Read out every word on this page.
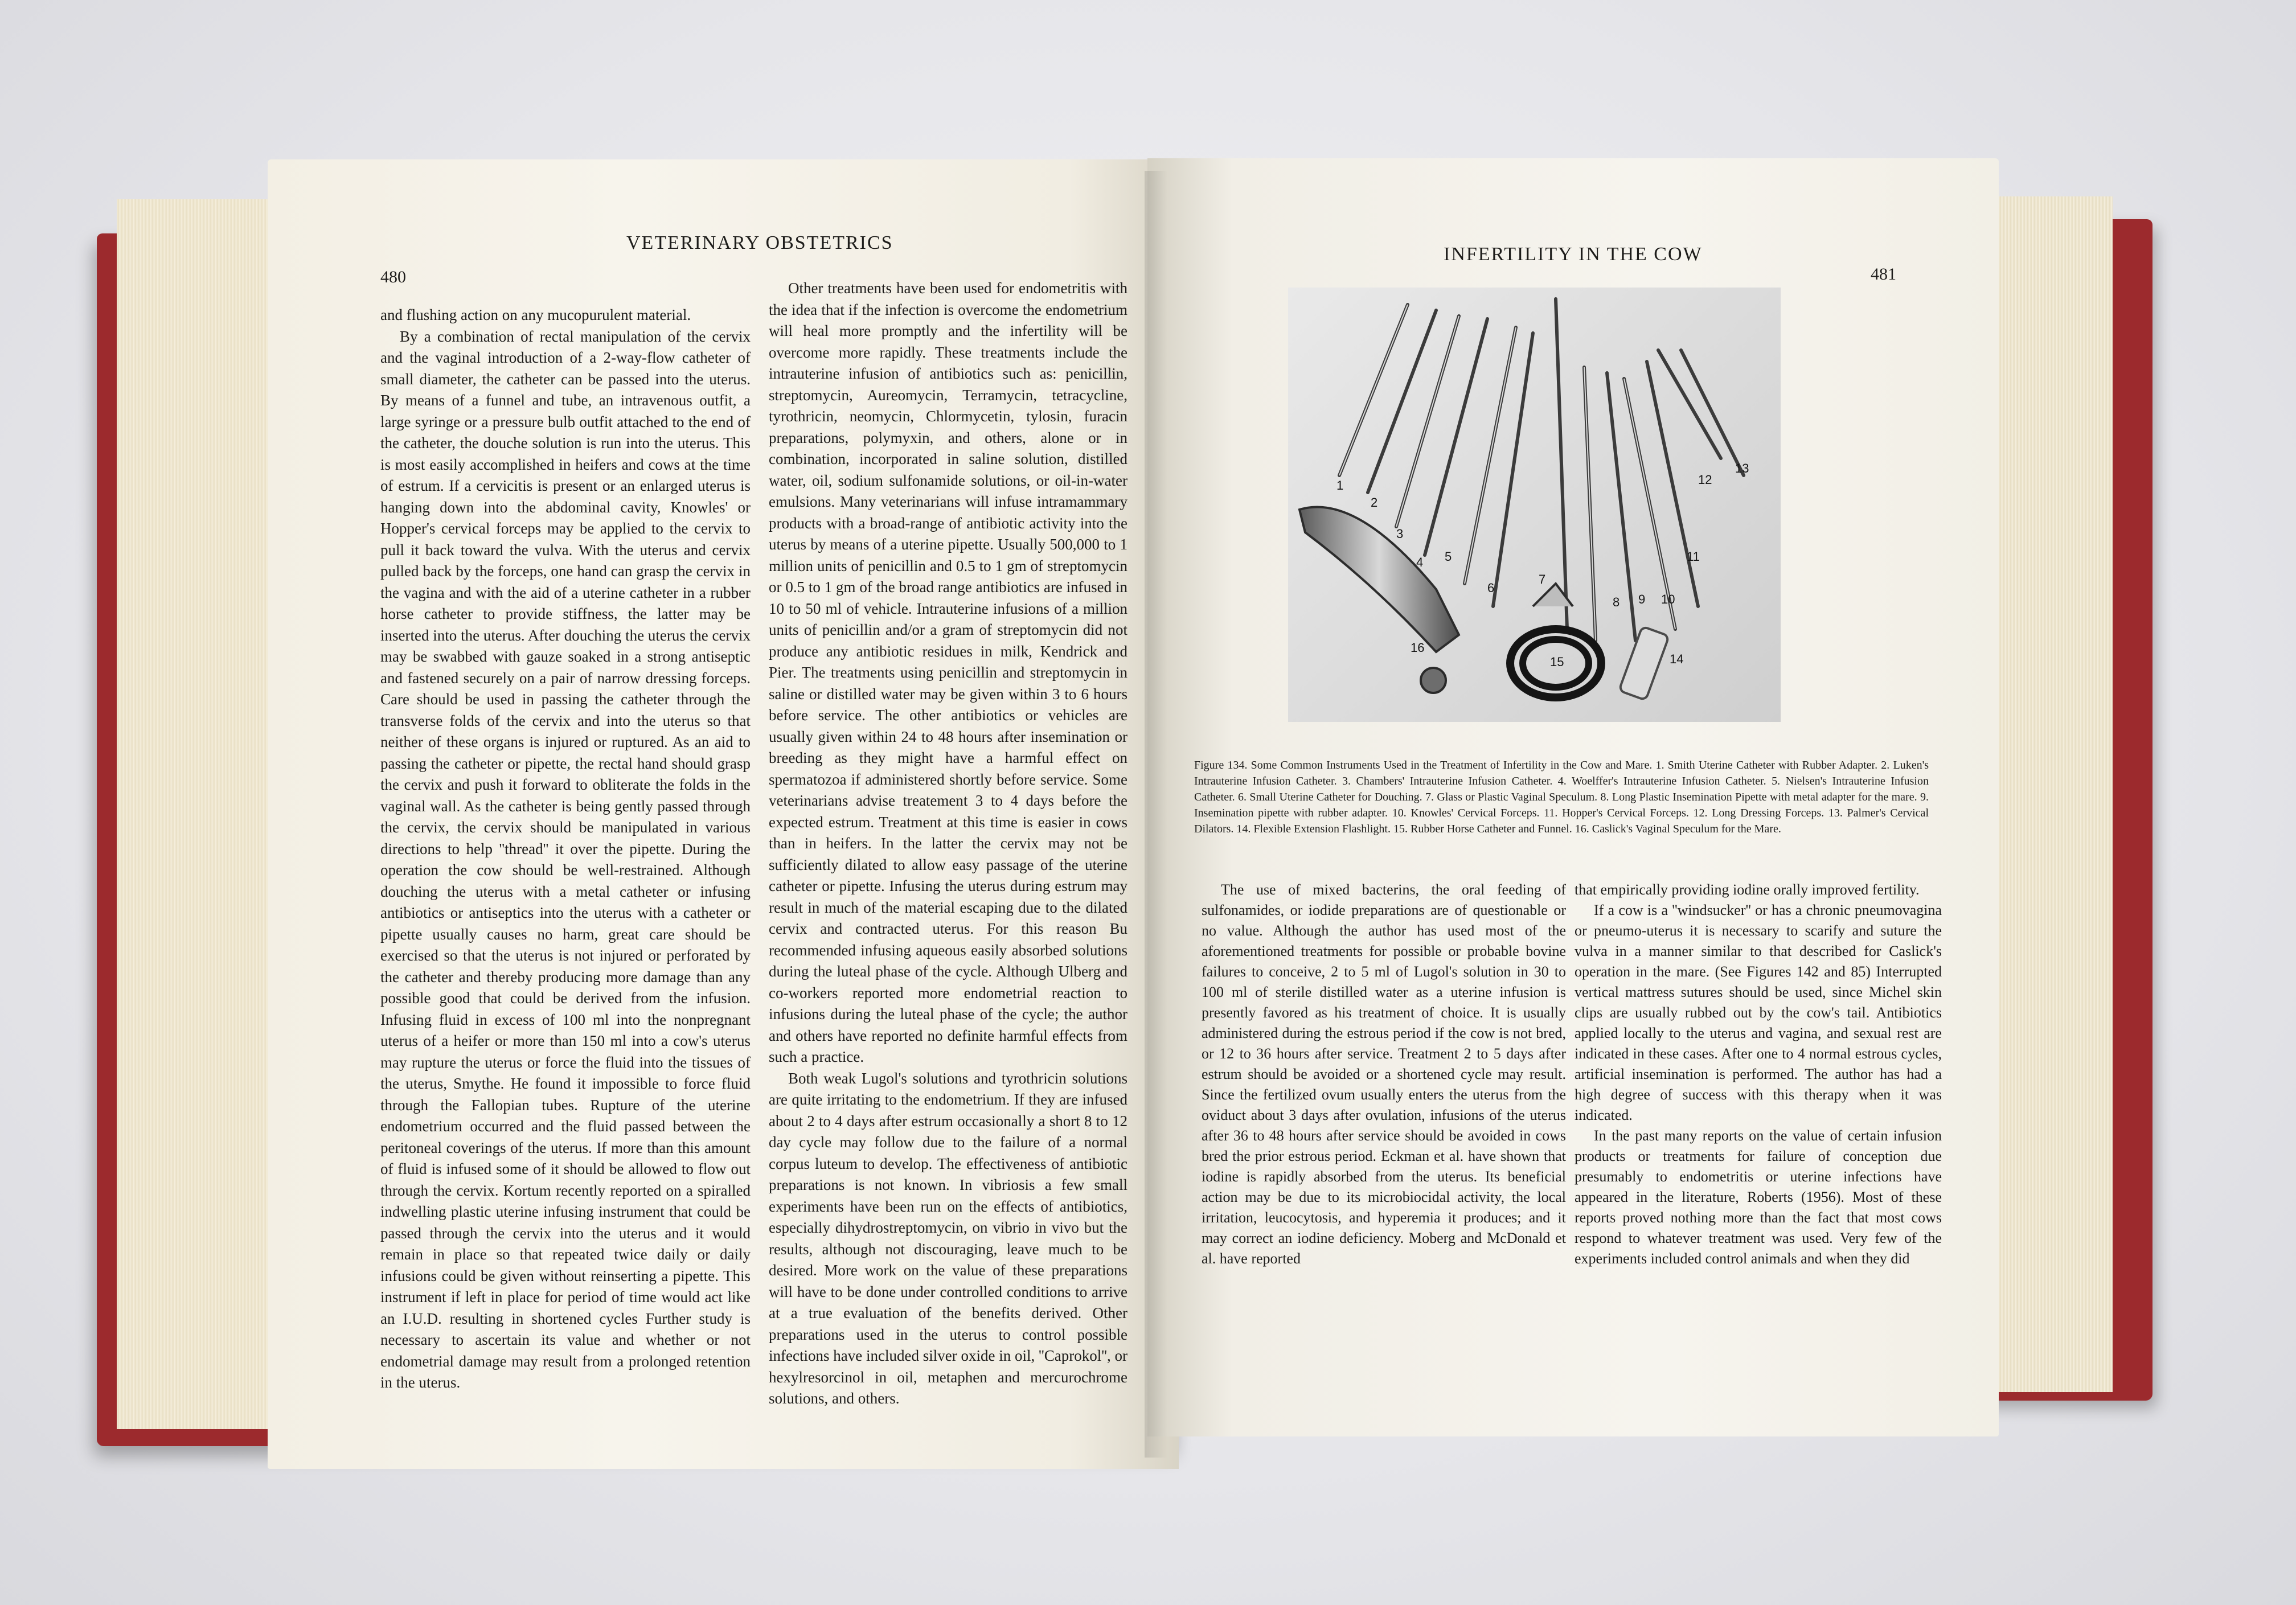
VETERINARY OBSTETRICS
480

and flushing action on any mucopurulent material.

By a combination of rectal manipulation of the cervix and the vaginal introduction of a 2-way-flow catheter of small diameter, the catheter can be passed into the uterus. By means of a funnel and tube, an intravenous outfit, a large syringe or a pressure bulb outfit attached to the end of the catheter, the douche solution is run into the uterus. This is most easily accomplished in heifers and cows at the time of estrum. If a cervicitis is present or an enlarged uterus is hanging down into the abdominal cavity, Knowles' or Hopper's cervical forceps may be applied to the cervix to pull it back toward the vulva. With the uterus and cervix pulled back by the forceps, one hand can grasp the cervix in the vagina and with the aid of a uterine catheter in a rubber horse catheter to provide stiffness, the latter may be inserted into the uterus. After douching the uterus the cervix may be swabbed with gauze soaked in a strong antiseptic and fastened securely on a pair of narrow dressing forceps. Care should be used in passing the catheter through the transverse folds of the cervix and into the uterus so that neither of these organs is injured or ruptured. As an aid to passing the catheter or pipette, the rectal hand should grasp the cervix and push it forward to obliterate the folds in the vaginal wall. As the catheter is being gently passed through the cervix, the cervix should be manipulated in various directions to help ''thread'' it over the pipette. During the operation the cow should be well-restrained. Although douching the uterus with a metal catheter or infusing antibiotics or antiseptics into the uterus with a catheter or pipette usually causes no harm, great care should be exercised so that the uterus is not injured or perforated by the catheter and thereby producing more damage than any possible good that could be derived from the infusion. Infusing fluid in excess of 100 ml into the nonpregnant uterus of a heifer or more than 150 ml into a cow's uterus may rupture the uterus or force the fluid into the tissues of the uterus, Smythe. He found it impossible to force fluid through the Fallopian tubes. Rupture of the uterine endometrium occurred and the fluid passed between the peritoneal coverings of the uterus. If more than this amount of fluid is infused some of it should be allowed to flow out through the cervix. Kortum recently reported on a spiralled indwelling plastic uterine infusing instrument that could be passed through the cervix into the uterus and it would remain in place so that repeated twice daily or daily infusions could be given without reinserting a pipette. This instrument if left in place for period of time would act like an I.U.D. resulting in shortened cycles Further study is necessary to ascertain its value and whether or not endometrial damage may result from a prolonged retention in the uterus.

Other treatments have been used for endometritis with the idea that if the infection is overcome the endometrium will heal more promptly and the infertility will be overcome more rapidly. These treatments include the intrauterine infusion of antibiotics such as: penicillin, streptomycin, Aureomycin, Terramycin, tetracycline, tyrothricin, neomycin, Chlormycetin, tylosin, furacin preparations, polymyxin, and others, alone or in combination, incorporated in saline solution, distilled water, oil, sodium sulfonamide solutions, or oil-in-water emulsions. Many veterinarians will infuse intramammary products with a broad-range of antibiotic activity into the uterus by means of a uterine pipette. Usually 500,000 to 1 million units of penicillin and 0.5 to 1 gm of streptomycin or 0.5 to 1 gm of the broad range antibiotics are infused in 10 to 50 ml of vehicle. Intrauterine infusions of a million units of penicillin and/or a gram of streptomycin did not produce any antibiotic residues in milk, Kendrick and Pier. The treatments using penicillin and streptomycin in saline or distilled water may be given within 3 to 6 hours before service. The other antibiotics or vehicles are usually given within 24 to 48 hours after insemination or breeding as they might have a harmful effect on spermatozoa if administered shortly before service. Some veterinarians advise treatement 3 to 4 days before the expected estrum. Treatment at this time is easier in cows than in heifers. In the latter the cervix may not be sufficiently dilated to allow easy passage of the uterine catheter or pipette. Infusing the uterus during estrum may result in much of the material escaping due to the dilated cervix and contracted uterus. For this reason Bu recommended infusing aqueous easily absorbed solutions during the luteal phase of the cycle. Although Ulberg and co-workers reported more endometrial reaction to infusions during the luteal phase of the cycle; the author and others have reported no definite harmful effects from such a practice.

Both weak Lugol's solutions and tyrothricin solutions are quite irritating to the endometrium. If they are infused about 2 to 4 days after estrum occasionally a short 8 to 12 day cycle may follow due to the failure of a normal corpus luteum to develop. The effectiveness of antibiotic preparations is not known. In vibriosis a few small experiments have been run on the effects of antibiotics, especially dihydrostreptomycin, on vibrio in vivo but the results, although not discouraging, leave much to be desired. More work on the value of these preparations will have to be done under controlled conditions to arrive at a true evaluation of the benefits derived. Other preparations used in the uterus to control possible infections have included silver oxide in oil, ''Caprokol'', or hexylresorcinol in oil, metaphen and mercurochrome solutions, and others.

INFERTILITY IN THE COW
481
1
2
3
4 5
6
7
8 9 10
11
12
13
14
15
16
Figure 134. Some Common Instruments Used in the Treatment of Infertility in the Cow and Mare. 1. Smith Uterine Catheter with Rubber Adapter. 2. Luken's Intrauterine Infusion Catheter. 3. Chambers' Intrauterine Infusion Catheter. 4. Woelffer's Intrauterine Infusion Catheter. 5. Nielsen's Intrauterine Infusion Catheter. 6. Small Uterine Catheter for Douching. 7. Glass or Plastic Vaginal Speculum. 8. Long Plastic Insemination Pipette with metal adapter for the mare. 9. Insemination pipette with rubber adapter. 10. Knowles' Cervical Forceps. 11. Hopper's Cervical Forceps. 12. Long Dressing Forceps. 13. Palmer's Cervical Dilators. 14. Flexible Extension Flashlight. 15. Rubber Horse Catheter and Funnel. 16. Caslick's Vaginal Speculum for the Mare.

The use of mixed bacterins, the oral feeding of sulfonamides, or iodide preparations are of questionable or no value. Although the author has used most of the aforementioned treatments for possible or probable bovine failures to conceive, 2 to 5 ml of Lugol's solution in 30 to 100 ml of sterile distilled water as a uterine infusion is presently favored as his treatment of choice. It is usually administered during the estrous period if the cow is not bred, or 12 to 36 hours after service. Treatment 2 to 5 days after estrum should be avoided or a shortened cycle may result. Since the fertilized ovum usually enters the uterus from the oviduct about 3 days after ovulation, infusions of the uterus after 36 to 48 hours after service should be avoided in cows bred the prior estrous period. Eckman et al. have shown that iodine is rapidly absorbed from the uterus. Its beneficial action may be due to its microbiocidal activity, the local irritation, leucocytosis, and hyperemia it produces; and it may correct an iodine deficiency. Moberg and McDonald et al. have reported

that empirically providing iodine orally improved fertility.

If a cow is a ''windsucker'' or has a chronic pneumovagina or pneumo-uterus it is necessary to scarify and suture the vulva in a manner similar to that described for Caslick's operation in the mare. (See Figures 142 and 85) Interrupted vertical mattress sutures should be used, since Michel skin clips are usually rubbed out by the cow's tail. Antibiotics applied locally to the uterus and vagina, and sexual rest are indicated in these cases. After one to 4 normal estrous cycles, artificial insemination is performed. The author has had a high degree of success with this therapy when it was indicated.

In the past many reports on the value of certain infusion products or treatments for failure of conception due presumably to endometritis or uterine infections have appeared in the literature, Roberts (1956). Most of these reports proved nothing more than the fact that most cows respond to whatever treatment was used. Very few of the experiments included control animals and when they did
